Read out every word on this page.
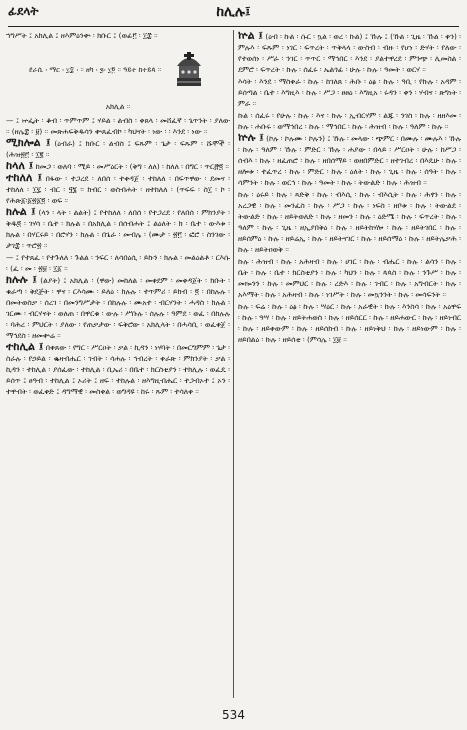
ፊደላት	ከሊሉ፤

ኀግሥት ፤ አክሊል ፤ ዘእምዕንቍ ፡ ክቡር ፤ (ወፊ፫ ፡ ፲፰ ።

ደራሲ ፡ ማር ፡ ፲፰ ፡ ። ዘካ ፡ ፯፡ ፲፬ ። ዓይተ ከተይጳ ።

አክሊል ።

— ፤ ኵፌት ፡ ቆብ ፡ ጥምጥም ፤ ሃይል ፡ ልብስ ፡ ቀጸላ ፡ መሸፈኛ ፡ ጌጥንት ፡ ያለው ። (ዘሌ፰ ፡ ፱) ። መጽሐፍቅዱሳን ቍጸፈብኮ ፡ ካህናት ፡ ነው ፡ ፡ እንደ ፡ ነው ።

ሚክሎል ፤ (ዕብራ) ፤ ክቡር ፡ ልብስ ፤ ፍጹም ፡ ጌታ ፡ ፍጹም ፡ ሹሞች ፡ (ሕዝ፳፫ ፡ ፲፪ ።

ከላለ ፤ ከመጋ ፡ ወለባ ፡ ሚይ ፡ መሥዕርት ፡ (ቅግ ፡ ለለ) ፡ ከለለ ፡ በግር ፡ ጥር፸፬ ።

ተከለለ ፤ በፋው ፡ ተጋረደ ፡ ለበሰ ፡ ተቀዳጀ ፡ ተከለለ ፡ በፍጥዋው ፡ ደመና ፡ ተከለለ ፡ ፲፯ ፡ ብር ፡ ፶፮ ፡፡ ክብር ፡ ወስብሐት ፡ ዘተከለለ ፡ (ጥፍፍ ፡ ስ፲ ፡ ኮ ፡ የሕጽ፩፡፩፳፩፬ ፡ ወፍ ።

ክሉል ፤ (ላን ፡ ላት ፡ ልልት) ፤ የተከለለ ፡ ለበሰ ፡ የተጋረደ ፡ የለበሰ ፡ ምክንያት ፡ ቅዱ፬ ፡ ገሃሳ ፡ ቤተ ፡ ክሉል ፡ በአክሊል ፡ በሰብሐት ፤ ልዕለት ፡ ክ ፡ ቤተ ፡ ውእቱ ፡ ክሉል ፡ በሃርሩይ ፡ በሮሃን ፡ ክሉል ፡ በጌራ ፡ መብሌ ፡ (ሙታ ፡ ፳፫ ፡ ፎሮ ፡ ስንገው ፡ ታገ፰ ፡ ጥሮ፳ ።

— ፤ የተጸፈ ፡ የተጉለለ ፡ ጉልል ፡ ንፍር ፡ ለሳበዕሲ ፡ ይኩን ፡ ክሉል ፡ መልዕልቶ ፡ ርእሱ ፡ (ፈ ፡ መ ፡ ፳፱ ፡ ፲፩ ።

ክሉሉ ፤ (ልያት) ፤ አክሊል ፡ (ዋው) መከለል ፡ መቀደም ፡ መቀዳጀት ፡ ክቡት ፡ ቁራጣ ፡ ቅደጅት ፡ ዋና ፡ ርእሳሙ ፡ ይለዕ ፡ ክሉሉ ፡ ተጥምሪ ፡ ይክብ ፡ ፬ ፡ በከሉሉ ፡ በመትወስቃ ፡ ሰረገ ፡ በመንግሥታት ፡ በከሉሉ ፡ ሙአተ ፡ ብርሃንት ፡ ሓዳስ ፡ ክሉል ፡ ገርሙ ፡ ብርሃናት ፡ ወለጠ ፡ በዋርቁ ፡ ውሉ ፡ ሥቡሉ ፡ ሰሉሉ ፡ ዓምደ ፡ ወፈ ፡ በከሉሉ ፡ ባሕረ ፡ ምህርት ፡ ያለው ፡ የጠቃታው ፡ ፍቅሮው ፡ አክሊላት ፡ በሓሳቢ ፡ ወፈቀጀ ፡ ማኅደስ ፡ ዘመቍሬ ።

ተከሊል ፤ በቀጸው ፡ የግር ፡ ሥርዐት ፡ ቃል ፡ ኪዳን ፡ ነሃባት ፡ በመርግምም ፡ ጌታ ፡ ስራሉ ፡ የኃይል ፡ ቈዛብሔር ፡ ገብት ፡ ሳሐሉ ፡ ኅብረት ፡ ቀራጽ ፡ ምክንያት ፡ ቃል ፡ ኪዳን ፡ ተከሊል ፡ ያሰፈው ፡ ተከሊል ፡ ቢኤሪ ፡ በቤተ ፡ ክርስቲያን ፡ ተክሊሉ ፡ ወፈዴ ፡ ይሰጥ ፤ ፀዓብ ፡ ተከሊል ፤ ኦሪት ፤ ዘፍ ፡ ተከሉል ፡ ዘእግዚብሔር ፡ ተጋብኦተ ፤ ኦን ፡ ተዋብት ፡ ወፈቀድ ፤ ዳግማዊ ፡ መስቀል ፡ ወግዳዩ ፡ ከሩ ፡ ጹም ፡ ተሳለቀ ።

ኵል ፤ (ዕብ ፡ ኩል ፡ ሱር ፡ ኳል ፡ ወረ ፡ ኩል) ፤ ኹሉ ፤ (ኹል ፡ ጊዜ ፡ ኹል ፡ ቀን) ፡ ምሉእ ፡ ፍጹም ፡ ነገር ፡ ፍጥረት ፡ ጥቅላላ ፡ ውስብ ፡ ብዙ ፡ የሆነ ፡ ድሃት ፡ የለው ፡ የተወሰነ ፡ ሥራ ፡ ንገር ፡ ጥጥር ፡ ማኅበር ፡ እንደ ፡ ያልተዋረደ ፡ ምንጭ ፡ ሊመስል ፡ ደምሮ ፡ ፍጥረት ፡ ኩሉ ፡ ሰፈሩ ፡ ኤልጎፊ ፡ ሁሉ ፡ ኩሉ ፡ ዓመት ፡ ወርሃ ።

እሳት ፡ እንደ ፡ ማስቀራ ፡ ኩሉ ፡ ከገለጸ ፡ ሕቡ ፡ ዕፅ ፡ ኩሉ ፡ ዓቢ ፡ የኩሉ ፡ አዳም ፡ ይሰጣል ፡ ቤተ ፡ እግዚእ ፡ ኩሉ ፡ ሥጋ ፡ ፀፀዕ ፡ እግዚአ ፡ ሩዳን ፡ ቀን ፡ ሃብና ፡ ጽግነት ፡ ምራ ።

ኩል ፡ ሰፈሩ ፡ የሁሉ ፡ ኩሉ ፡ እና ፡ ኩሉ ፡ ኢብርሃም ፡ ልጁ ፡ ንገስ ፡ ኩሉ ፡ ዘዘእመ ፡ ኩሉ ፡ ሐቡሩ ፡ ወማኅበረ ፡ ኩሉ ፡ ማኅበር ፡ ኩሉ ፡ ሕዝብ ፡ ኩሉ ፡ ዓለም ፡ ኩሉ ።

ኵሉ ፤ (ኮሉ ፡ ኮሉሙ ፡ ኮሉን) ፤ ኹሉ ፡ መላው ፡ ጭምር ፡ በሙሉ ፡ ሙሉእ ፡ ኹሉ ፡ ኩሉ ፡ ዓለም ፡ ኹሉ ፡ ምድር ፡ ኹሉ ፡ ሐያው ፡ በላይ ፡ ሥርዐት ፡ ሁሉ ፡ ከሥጋ ፡ ሰብእ ፡ ኩሉ ፡ ዘፈጠሮ ፡ ኩሉ ፡ ዘበሰማይ ፡ ወዘበምድር ፡ ዘተገብረ ፡ በእዴሁ ፡ ኩሉ ፡ ዘሎቱ ፡ ተፈጥረ ፡ ኩሉ ፡ ምድር ፡ ኩሉ ፡ ዕለት ፡ ኩሉ ፡ ጊዜ ፡ ኩሉ ፡ ሰዓት ፡ ኩሉ ፡ ሳምንት ፡ ኩሉ ፡ ወርኅ ፡ ኩሉ ፡ ዓመት ፡ ኩሉ ፡ ትውልድ ፡ ኩሉ ፡ ሕዝብ ።

ኩሉ ፡ ዕሩይ ፡ ኩሉ ፡ ጻድቅ ፡ ኩሉ ፡ ብእሲ ፡ ኩሉ ፡ ብእሲት ፡ ኩሉ ፡ ሕፃን ፡ ኩሉ ፡ አረጋዊ ፡ ኩሉ ፡ መንፈስ ፡ ኩሉ ፡ ሥጋ ፡ ኩሉ ፡ ነፍስ ፡ ዘቦቱ ፡ ኩሉ ፡ ትውልደ ፡ ትውልድ ፡ ኩሉ ፡ ዘይትወለድ ፡ ኩሉ ፡ ዘመን ፡ ኩሉ ፡ ዕድሜ ፡ ኩሉ ፡ ፍጥረት ፡ ኩሉ ፡ ዓለም ፡ ኩሉ ፡ ጊዜ ፡ ዘኢያበቅዕ ፡ ኩሉ ፡ ዘይትከሃሎ ፡ ኩሉ ፡ ዘይትገበር ፡ ኩሉ ፡ ዘይሰምዕ ፡ ኩሉ ፡ ዘይሬኢ ፡ ኩሉ ፡ ዘይትናገር ፡ ኩሉ ፡ ዘይሰማዕ ፡ ኩሉ ፡ ዘይትሌቃሕ ፡ ኩሉ ፡ ዘይትዐወቅ ።

ኩሉ ፡ ሕዝብ ፡ ኩሉ ፡ አሕዛብ ፡ ኩሉ ፡ ሀገር ፡ ኩሉ ፡ ብሔር ፡ ኩሉ ፡ ልሳን ፡ ኩሉ ፡ ቤት ፡ ኩሉ ፡ ቤተ ፡ ክርስቲያን ፡ ኩሉ ፡ ካህን ፡ ኩሉ ፡ ጳጳስ ፡ ኩሉ ፡ ንጉሥ ፡ ኩሉ ፡ መኰንን ፡ ኩሉ ፡ መምህር ፡ ኩሉ ፡ ረድእ ፡ ኩሉ ፡ ገብር ፡ ኩሉ ፡ አግብርት ፡ ኩሉ ፡ አእማት ፡ ኩሉ ፡ አሕዛብ ፡ ኩሉ ፡ ነገሥት ፡ ኩሉ ፡ መኳንንት ፡ ኩሉ ፡ መሳፍንት ።

ኩሉ ፡ ፍሬ ፡ ኩሉ ፡ ዕፅ ፡ ኩሉ ፡ ሣዕር ፡ ኩሉ ፡ አራዊት ፡ ኩሉ ፡ እንስሳ ፡ ኩሉ ፡ አዕዋፍ ፡ ኩሉ ፡ ዓሣ ፡ ኩሉ ፡ ዘይትሐወስ ፡ ኩሉ ፡ ዘይሰርር ፡ ኩሉ ፡ ዘይሐውር ፡ ኩሉ ፡ ዘይነብር ፡ ኩሉ ፡ ዘይቀውም ፡ ኩሉ ፡ ዘይሰክብ ፡ ኩሉ ፡ ዘይነቅህ ፡ ኩሉ ፡ ዘይነውም ፡ ኩሉ ፡ ዘይበልዕ ፡ ኩሉ ፡ ዘይሰቲ ፡ (ምሳሌ ፡ ፲፱ ።

534
